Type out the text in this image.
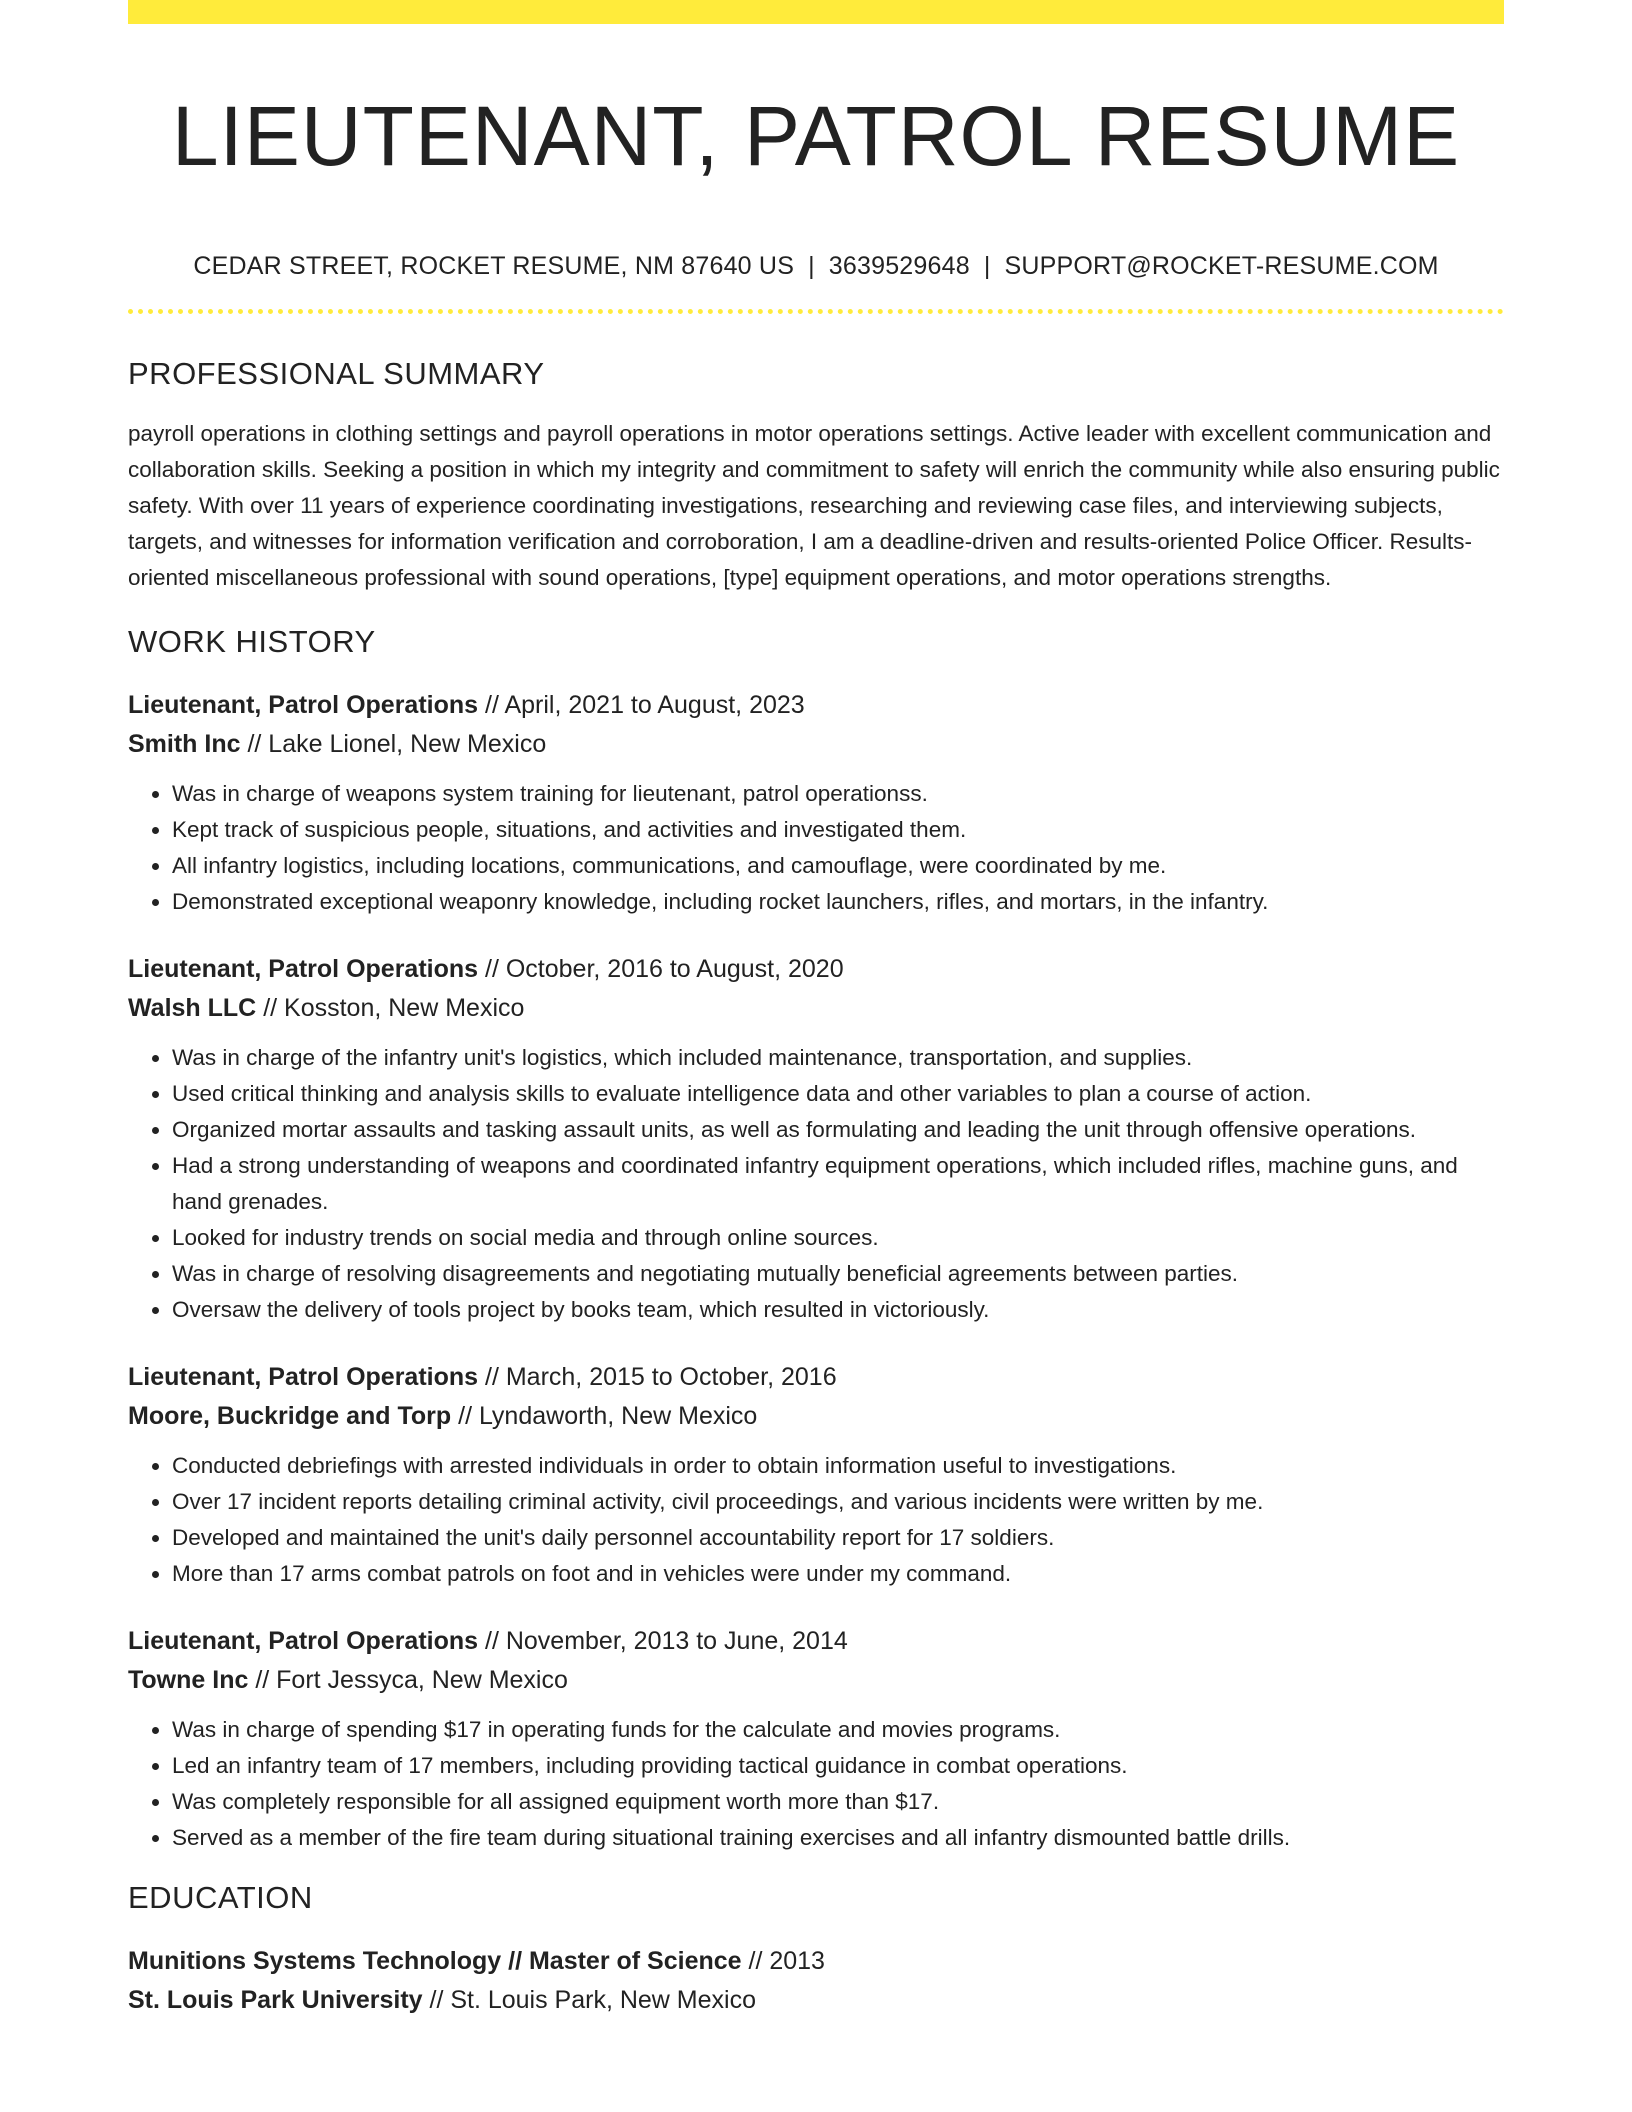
LIEUTENANT, PATROL RESUME
CEDAR STREET, ROCKET RESUME, NM 87640 US | 3639529648 | SUPPORT@ROCKET-RESUME.COM
PROFESSIONAL SUMMARY
payroll operations in clothing settings and payroll operations in motor operations settings. Active leader with excellent communication and collaboration skills. Seeking a position in which my integrity and commitment to safety will enrich the community while also ensuring public safety. With over 11 years of experience coordinating investigations, researching and reviewing case files, and interviewing subjects, targets, and witnesses for information verification and corroboration, I am a deadline-driven and results-oriented Police Officer. Results-oriented miscellaneous professional with sound operations, [type] equipment operations, and motor operations strengths.
WORK HISTORY
Lieutenant, Patrol Operations // April, 2021 to August, 2023
Smith Inc // Lake Lionel, New Mexico
• Was in charge of weapons system training for lieutenant, patrol operationss.
• Kept track of suspicious people, situations, and activities and investigated them.
• All infantry logistics, including locations, communications, and camouflage, were coordinated by me.
• Demonstrated exceptional weaponry knowledge, including rocket launchers, rifles, and mortars, in the infantry.
Lieutenant, Patrol Operations // October, 2016 to August, 2020
Walsh LLC // Kosston, New Mexico
• Was in charge of the infantry unit's logistics, which included maintenance, transportation, and supplies.
• Used critical thinking and analysis skills to evaluate intelligence data and other variables to plan a course of action.
• Organized mortar assaults and tasking assault units, as well as formulating and leading the unit through offensive operations.
• Had a strong understanding of weapons and coordinated infantry equipment operations, which included rifles, machine guns, and hand grenades.
• Looked for industry trends on social media and through online sources.
• Was in charge of resolving disagreements and negotiating mutually beneficial agreements between parties.
• Oversaw the delivery of tools project by books team, which resulted in victoriously.
Lieutenant, Patrol Operations // March, 2015 to October, 2016
Moore, Buckridge and Torp // Lyndaworth, New Mexico
• Conducted debriefings with arrested individuals in order to obtain information useful to investigations.
• Over 17 incident reports detailing criminal activity, civil proceedings, and various incidents were written by me.
• Developed and maintained the unit's daily personnel accountability report for 17 soldiers.
• More than 17 arms combat patrols on foot and in vehicles were under my command.
Lieutenant, Patrol Operations // November, 2013 to June, 2014
Towne Inc // Fort Jessyca, New Mexico
• Was in charge of spending $17 in operating funds for the calculate and movies programs.
• Led an infantry team of 17 members, including providing tactical guidance in combat operations.
• Was completely responsible for all assigned equipment worth more than $17.
• Served as a member of the fire team during situational training exercises and all infantry dismounted battle drills.
EDUCATION
Munitions Systems Technology // Master of Science // 2013
St. Louis Park University // St. Louis Park, New Mexico
